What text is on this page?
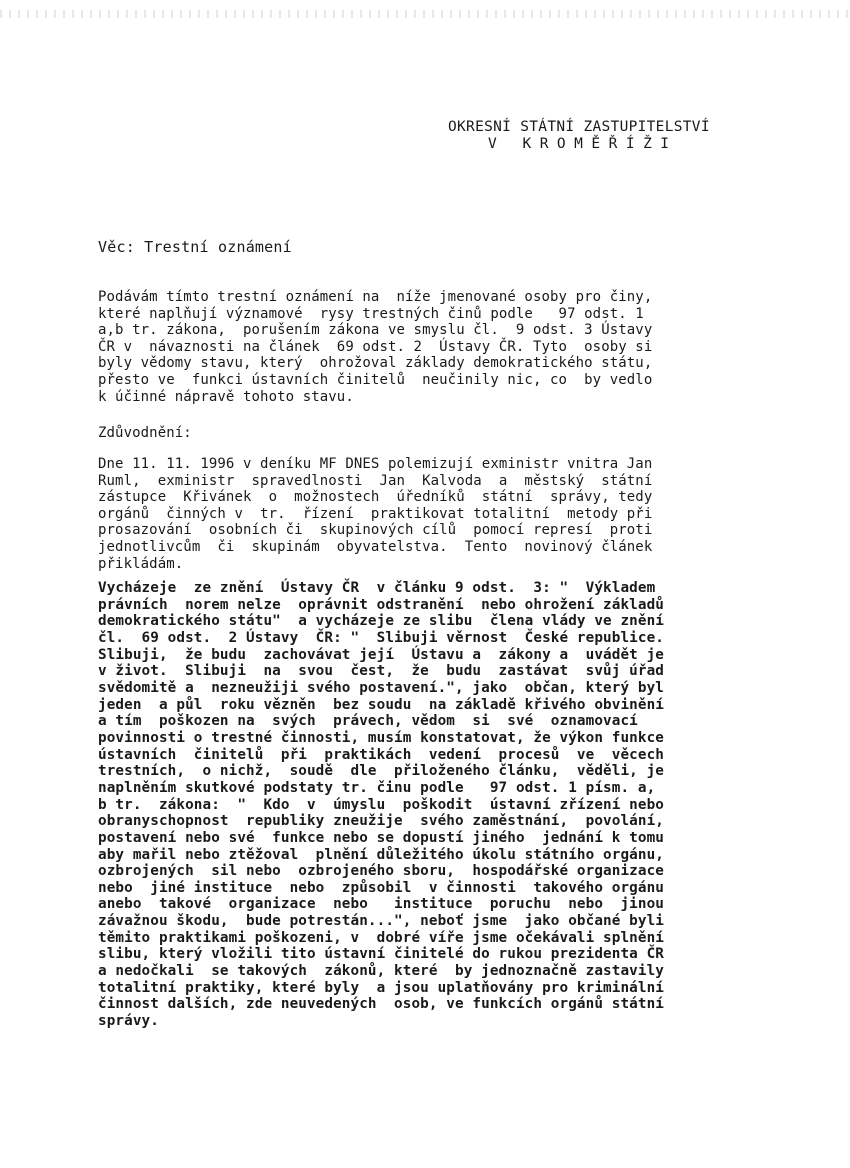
OKRESNÍ STÁTNÍ ZASTUPITELSTVÍ
V KROMĚŘÍŽI
Věc: Trestní oznámení
Podávám tímto trestní oznámení na  níže jmenované osoby pro činy,
které naplňují významové  rysy trestných činů podle   97 odst. 1
a,b tr. zákona,  porušením zákona ve smyslu čl.  9 odst. 3 Ústavy
ČR v  návaznosti na článek  69 odst. 2  Ústavy ČR. Tyto  osoby si
byly vědomy stavu, který  ohrožoval základy demokratického státu,
přesto ve  funkci ústavních činitelů  neučinily nic, co  by vedlo
k účinné nápravě tohoto stavu.
Zdůvodnění:
Dne 11. 11. 1996 v deníku MF DNES polemizují exministr vnitra Jan
Ruml,  exministr  spravedlnosti  Jan  Kalvoda  a  městský  státní
zástupce  Křivánek  o  možnostech  úředníků  státní  správy, tedy
orgánů  činných v  tr.  řízení  praktikovat totalitní  metody při
prosazování  osobních či  skupinových cílů  pomocí represí  proti
jednotlivcům  či  skupinám  obyvatelstva.  Tento  novinový článek
přikládám.
Vycházeje  ze znění  Ústavy ČR  v článku 9 odst.  3: "  Výkladem
právních  norem nelze  oprávnit odstranění  nebo ohrožení základů
demokratického státu"  a vycházeje ze slibu  člena vlády ve znění
čl.  69 odst.  2 Ústavy  ČR: "  Slibuji věrnost  České republice.
Slibuji,  že budu  zachovávat její  Ústavu a  zákony a  uvádět je
v život.  Slibuji  na  svou  čest,  že  budu  zastávat  svůj úřad
svědomitě a  nezneužiji svého postavení.", jako  občan, který byl
jeden  a půl  roku vězněn  bez soudu  na základě křivého obvinění
a tím  poškozen na  svých  právech, vědom  si  své  oznamovací
povinnosti o trestné činnosti, musím konstatovat, že výkon funkce
ústavních  činitelů  při  praktikách  vedení  procesů  ve  věcech
trestních,  o nichž,  soudě  dle  přiloženého článku,  věděli, je
naplněním skutkové podstaty tr. činu podle   97 odst. 1 písm. a,
b tr.  zákona:  "  Kdo  v  úmyslu  poškodit  ústavní zřízení nebo
obranyschopnost  republiky zneužije  svého zaměstnání,  povolání,
postavení nebo své  funkce nebo se dopustí jiného  jednání k tomu
aby mařil nebo ztěžoval  plnění důležitého úkolu státního orgánu,
ozbrojených  sil nebo  ozbrojeného sboru,  hospodářské organizace
nebo  jiné instituce  nebo  způsobil  v činnosti  takového orgánu
anebo  takové  organizace  nebo   instituce  poruchu  nebo  jinou
závažnou škodu,  bude potrestán...", neboť jsme  jako občané byli
těmito praktikami poškozeni, v  dobré víře jsme očekávali splnění
slibu, který vložili tito ústavní činitelé do rukou prezidenta ČR
a nedočkali  se takových  zákonů, které  by jednoznačně zastavily
totalitní praktiky, které byly  a jsou uplatňovány pro kriminální
činnost dalších, zde neuvedených  osob, ve funkcích orgánů státní
správy.
